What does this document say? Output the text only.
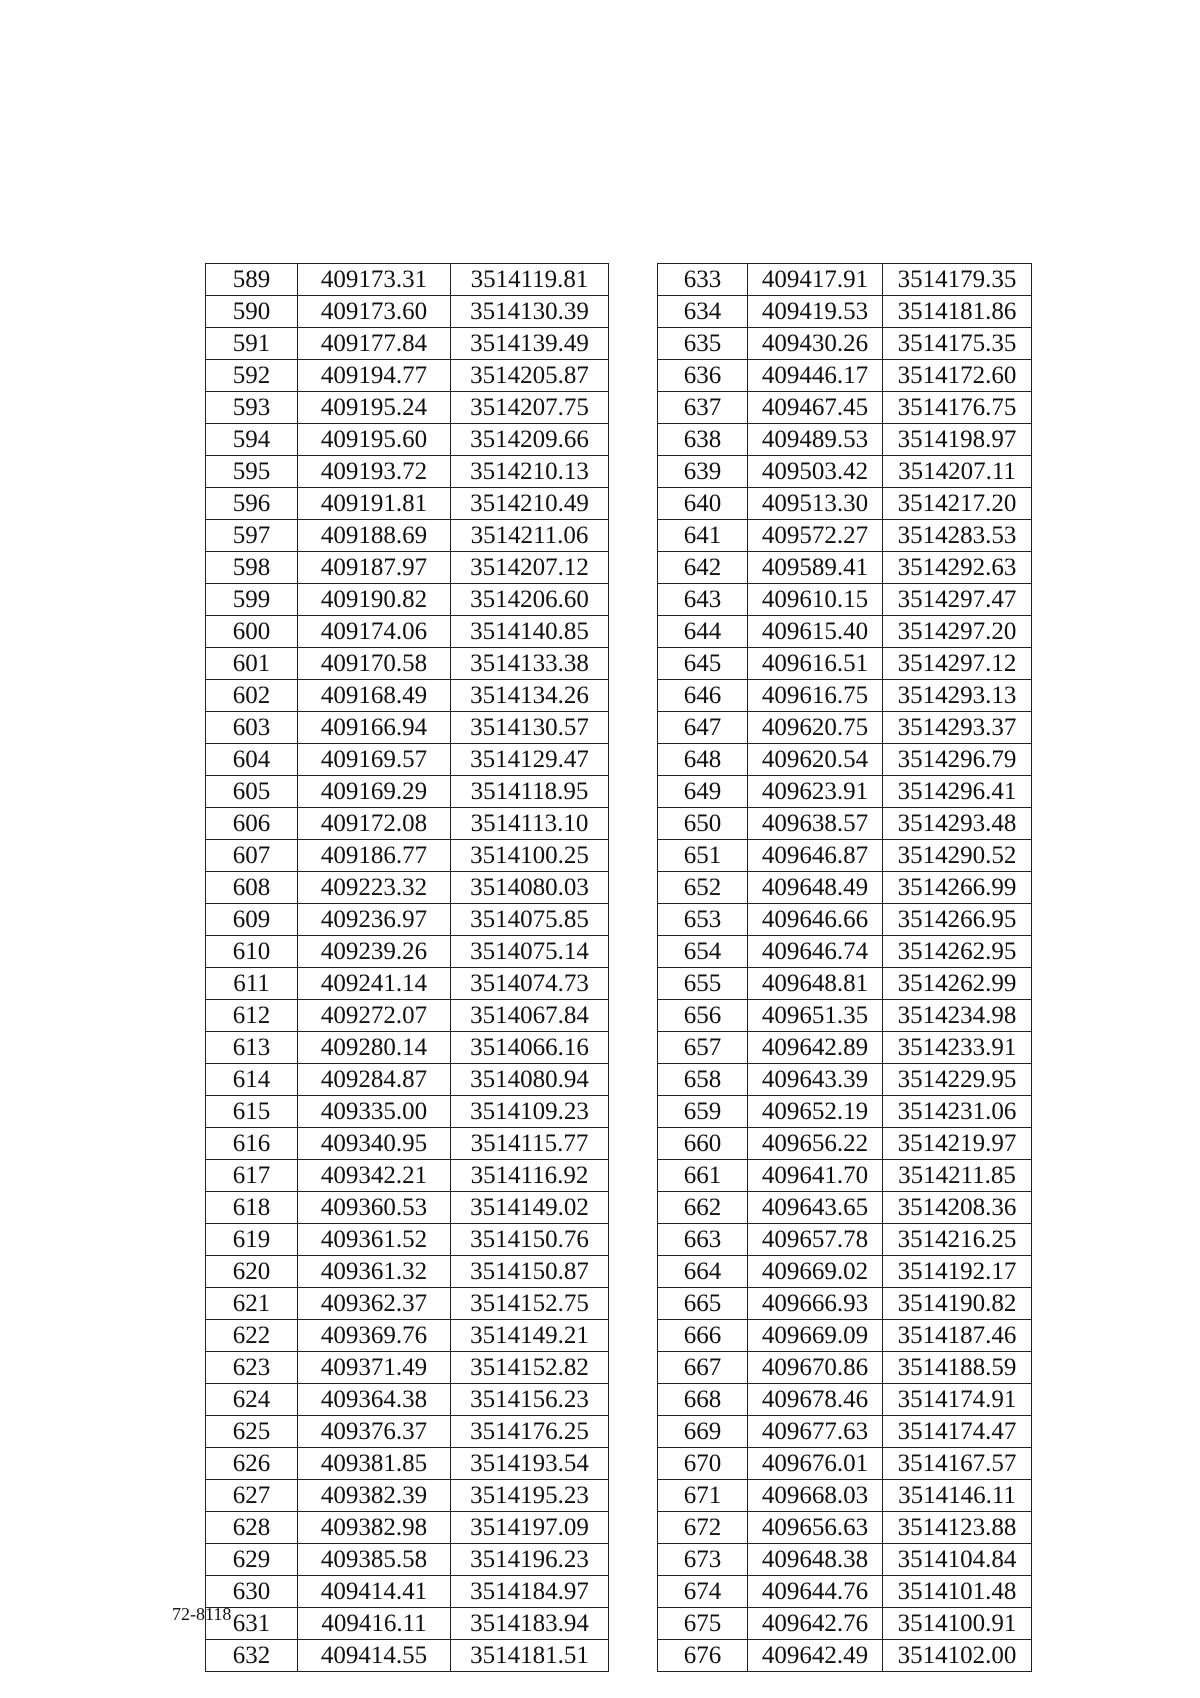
589	409173.31	3514119.81
590	409173.60	3514130.39
591	409177.84	3514139.49
592	409194.77	3514205.87
593	409195.24	3514207.75
594	409195.60	3514209.66
595	409193.72	3514210.13
596	409191.81	3514210.49
597	409188.69	3514211.06
598	409187.97	3514207.12
599	409190.82	3514206.60
600	409174.06	3514140.85
601	409170.58	3514133.38
602	409168.49	3514134.26
603	409166.94	3514130.57
604	409169.57	3514129.47
605	409169.29	3514118.95
606	409172.08	3514113.10
607	409186.77	3514100.25
608	409223.32	3514080.03
609	409236.97	3514075.85
610	409239.26	3514075.14
611	409241.14	3514074.73
612	409272.07	3514067.84
613	409280.14	3514066.16
614	409284.87	3514080.94
615	409335.00	3514109.23
616	409340.95	3514115.77
617	409342.21	3514116.92
618	409360.53	3514149.02
619	409361.52	3514150.76
620	409361.32	3514150.87
621	409362.37	3514152.75
622	409369.76	3514149.21
623	409371.49	3514152.82
624	409364.38	3514156.23
625	409376.37	3514176.25
626	409381.85	3514193.54
627	409382.39	3514195.23
628	409382.98	3514197.09
629	409385.58	3514196.23
630	409414.41	3514184.97
631	409416.11	3514183.94
632	409414.55	3514181.51
633	409417.91	3514179.35
634	409419.53	3514181.86
635	409430.26	3514175.35
636	409446.17	3514172.60
637	409467.45	3514176.75
638	409489.53	3514198.97
639	409503.42	3514207.11
640	409513.30	3514217.20
641	409572.27	3514283.53
642	409589.41	3514292.63
643	409610.15	3514297.47
644	409615.40	3514297.20
645	409616.51	3514297.12
646	409616.75	3514293.13
647	409620.75	3514293.37
648	409620.54	3514296.79
649	409623.91	3514296.41
650	409638.57	3514293.48
651	409646.87	3514290.52
652	409648.49	3514266.99
653	409646.66	3514266.95
654	409646.74	3514262.95
655	409648.81	3514262.99
656	409651.35	3514234.98
657	409642.89	3514233.91
658	409643.39	3514229.95
659	409652.19	3514231.06
660	409656.22	3514219.97
661	409641.70	3514211.85
662	409643.65	3514208.36
663	409657.78	3514216.25
664	409669.02	3514192.17
665	409666.93	3514190.82
666	409669.09	3514187.46
667	409670.86	3514188.59
668	409678.46	3514174.91
669	409677.63	3514174.47
670	409676.01	3514167.57
671	409668.03	3514146.11
672	409656.63	3514123.88
673	409648.38	3514104.84
674	409644.76	3514101.48
675	409642.76	3514100.91
676	409642.49	3514102.00
72-8118
